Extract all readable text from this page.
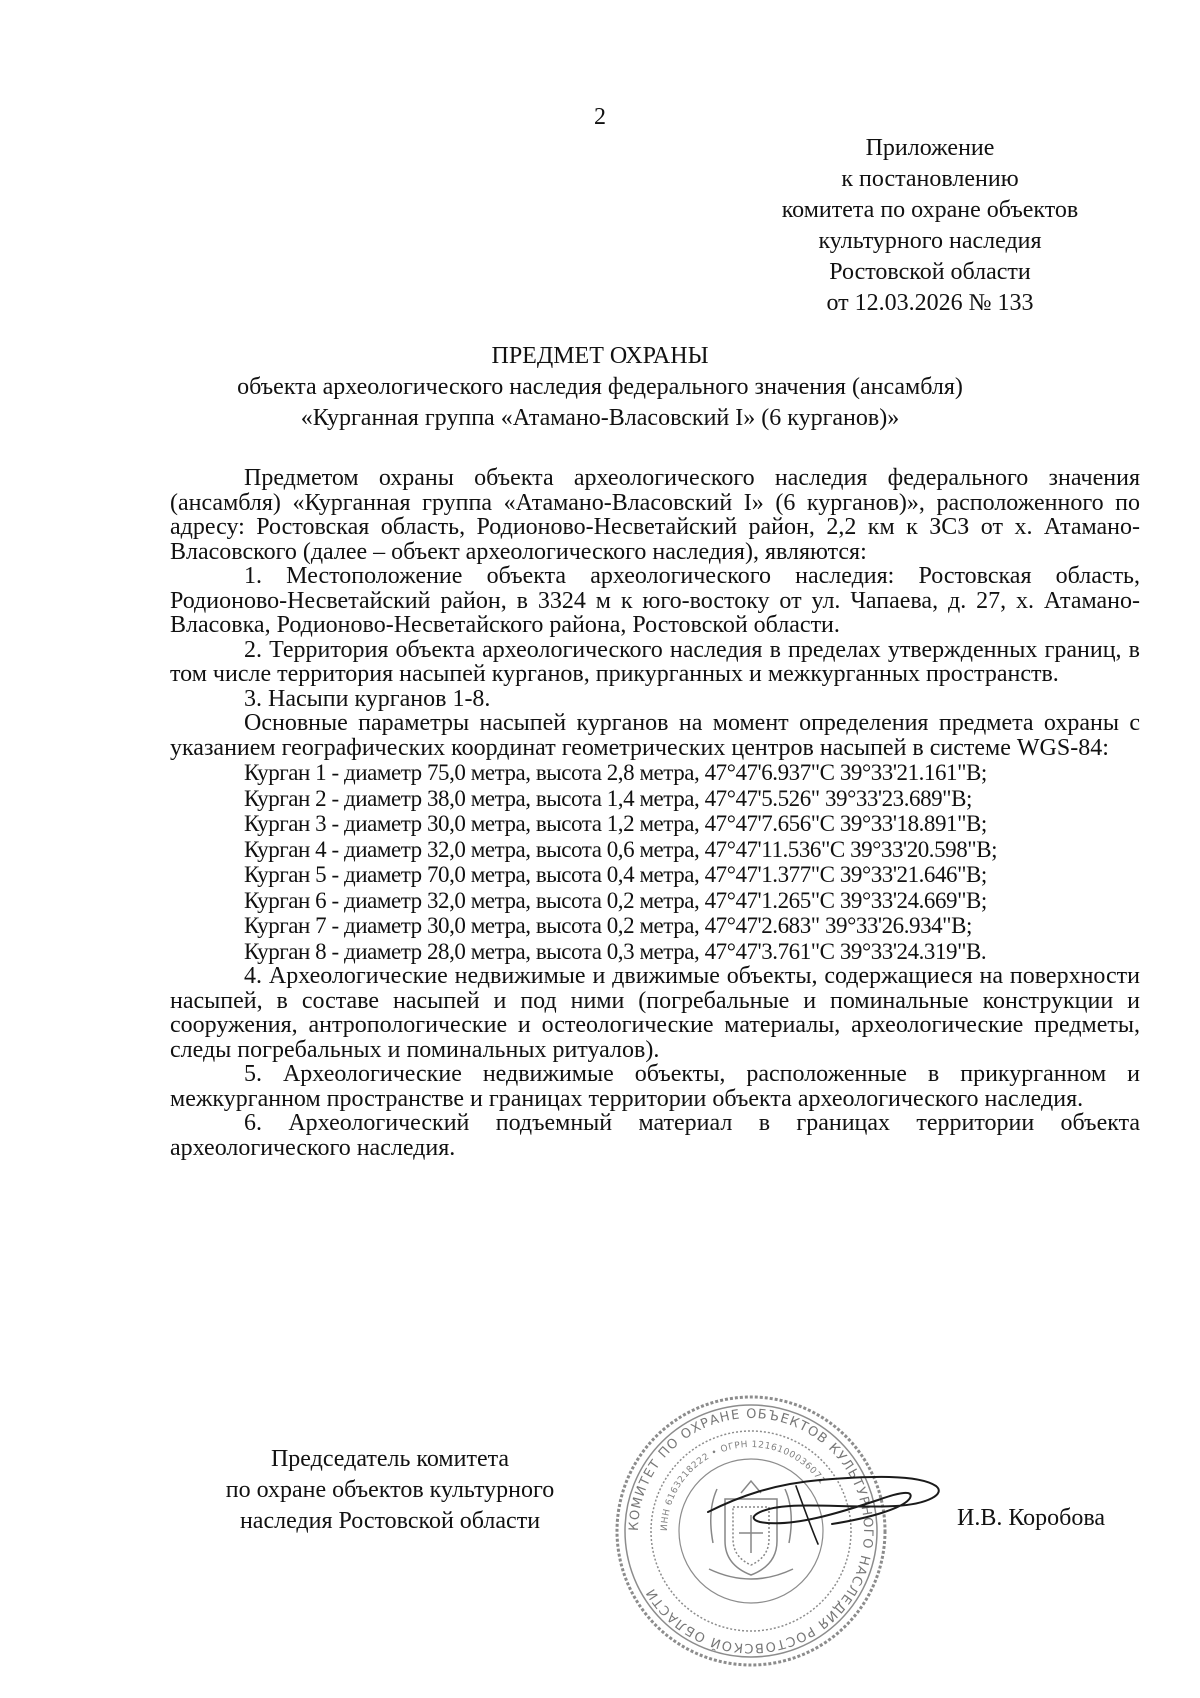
2
Приложение
к постановлению
комитета по охране объектов
культурного наследия
Ростовской области
от 12.03.2026 № 133
ПРЕДМЕТ ОХРАНЫ
объекта археологического наследия федерального значения (ансамбля)
«Курганная группа «Атамано-Власовский I» (6 курганов)»
Предметом охраны объекта археологического наследия федерального значения (ансамбля) «Курганная группа «Атамано-Власовский I» (6 курганов)», расположенного по адресу: Ростовская область, Родионово-Несветайский район, 2,2 км к ЗСЗ от х. Атамано-Власовского (далее – объект археологического наследия), являются:
1. Местоположение объекта археологического наследия: Ростовская область, Родионово-Несветайский район, в 3324 м к юго-востоку от ул. Чапаева, д. 27, х. Атамано-Власовка, Родионово-Несветайского района, Ростовской области.
2. Территория объекта археологического наследия в пределах утвержденных границ, в том числе территория насыпей курганов, прикурганных и межкурганных пространств.
3. Насыпи курганов 1-8.
Основные параметры насыпей курганов на момент определения предмета охраны с указанием географических координат геометрических центров насыпей в системе WGS-84:
Курган 1 - диаметр 75,0 метра, высота 2,8 метра, 47°47'6.937"С 39°33'21.161"В;
Курган 2 - диаметр 38,0 метра, высота 1,4 метра, 47°47'5.526" 39°33'23.689"В;
Курган 3 - диаметр 30,0 метра, высота 1,2 метра, 47°47'7.656"С 39°33'18.891"В;
Курган 4 - диаметр 32,0 метра, высота 0,6 метра, 47°47'11.536"С 39°33'20.598"В;
Курган 5 - диаметр 70,0 метра, высота 0,4 метра, 47°47'1.377"С 39°33'21.646"В;
Курган 6 - диаметр 32,0 метра, высота 0,2 метра, 47°47'1.265"С 39°33'24.669"В;
Курган 7 - диаметр 30,0 метра, высота 0,2 метра, 47°47'2.683" 39°33'26.934"В;
Курган 8 - диаметр 28,0 метра, высота 0,3 метра, 47°47'3.761"С 39°33'24.319"В.
4. Археологические недвижимые и движимые объекты, содержащиеся на поверхности насыпей, в составе насыпей и под ними (погребальные и поминальные конструкции и сооружения, антропологические и остеологические материалы, археологические предметы, следы погребальных и поминальных ритуалов).
5. Археологические недвижимые объекты, расположенные в прикурганном и межкурганном пространстве и границах территории объекта археологического наследия.
6. Археологический подъемный материал в границах территории объекта археологического наследия.
Председатель комитета
по охране объектов культурного
наследия Ростовской области	КОМИТЕТ ПО ОХРАНЕ ОБЪЕКТОВ КУЛЬТУРНОГО НАСЛЕДИЯ РОСТОВСКОЙ ОБЛАСТИ
ИНН 6163218222 • ОГРН 1216100036071
И.В. Коробова
